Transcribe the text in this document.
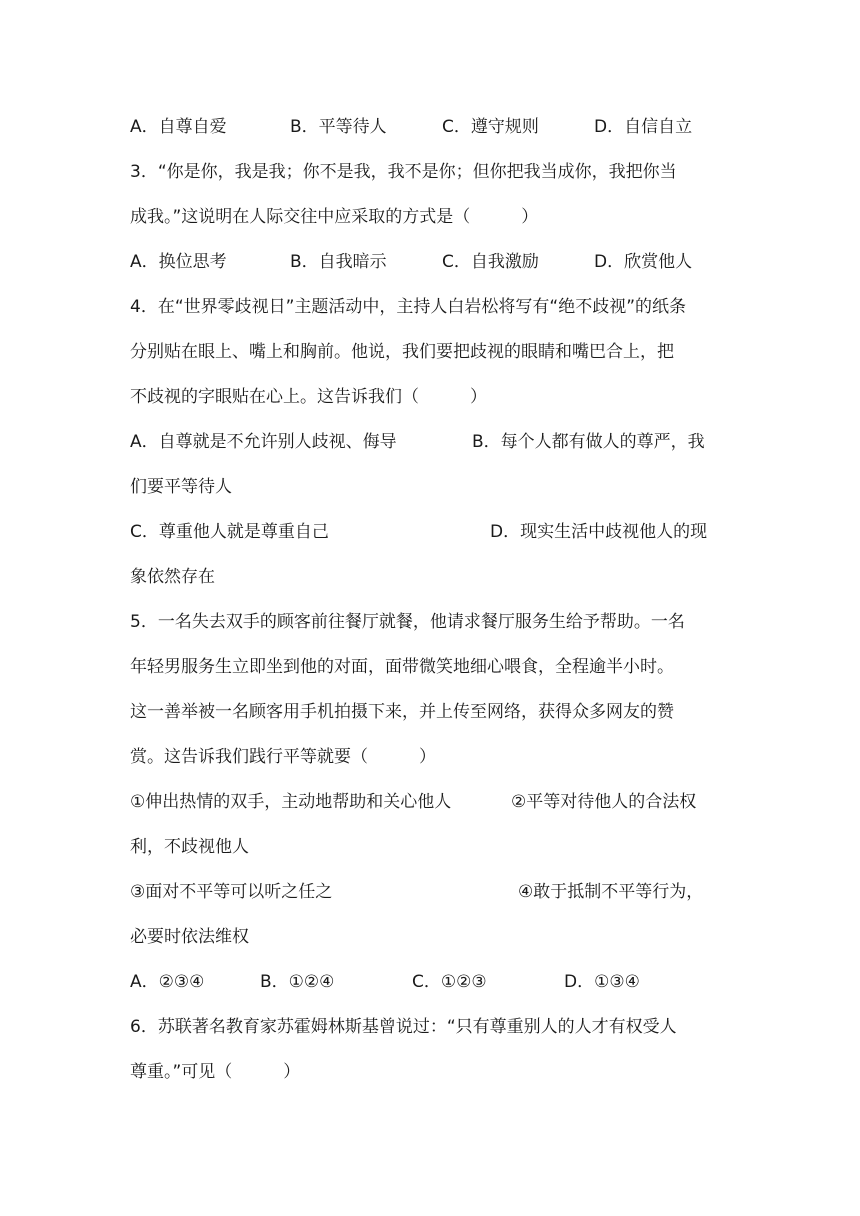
A．自尊自爱	B．平等待人	C．遵守规则	D．自信自立
3．“你是你，我是我；你不是我，我不是你；但你把我当成你，我把你当
成我。”这说明在人际交往中应采取的方式是（　　　）
A．换位思考	B．自我暗示	C．自我激励	D．欣赏他人
4．在“世界零歧视日”主题活动中，主持人白岩松将写有“绝不歧视”的纸条
分别贴在眼上、嘴上和胸前。他说，我们要把歧视的眼睛和嘴巴合上，把
不歧视的字眼贴在心上。这告诉我们（　　　）
A．自尊就是不允许别人歧视、侮导	B．每个人都有做人的尊严，我
们要平等待人
C．尊重他人就是尊重自己	D．现实生活中歧视他人的现
象依然存在
5．一名失去双手的顾客前往餐厅就餐，他请求餐厅服务生给予帮助。一名
年轻男服务生立即坐到他的对面，面带微笑地细心喂食，全程逾半小时。
这一善举被一名顾客用手机拍摄下来，并上传至网络，获得众多网友的赞
赏。这告诉我们践行平等就要（　　　）
①伸出热情的双手，主动地帮助和关心他人	②平等对待他人的合法权
利，不歧视他人
③面对不平等可以听之任之	④敢于抵制不平等行为，
必要时依法维权
A．②③④	B．①②④	C．①②③	D．①③④
6．苏联著名教育家苏霍姆林斯基曾说过：“只有尊重别人的人才有权受人
尊重。”可见（　　　）
